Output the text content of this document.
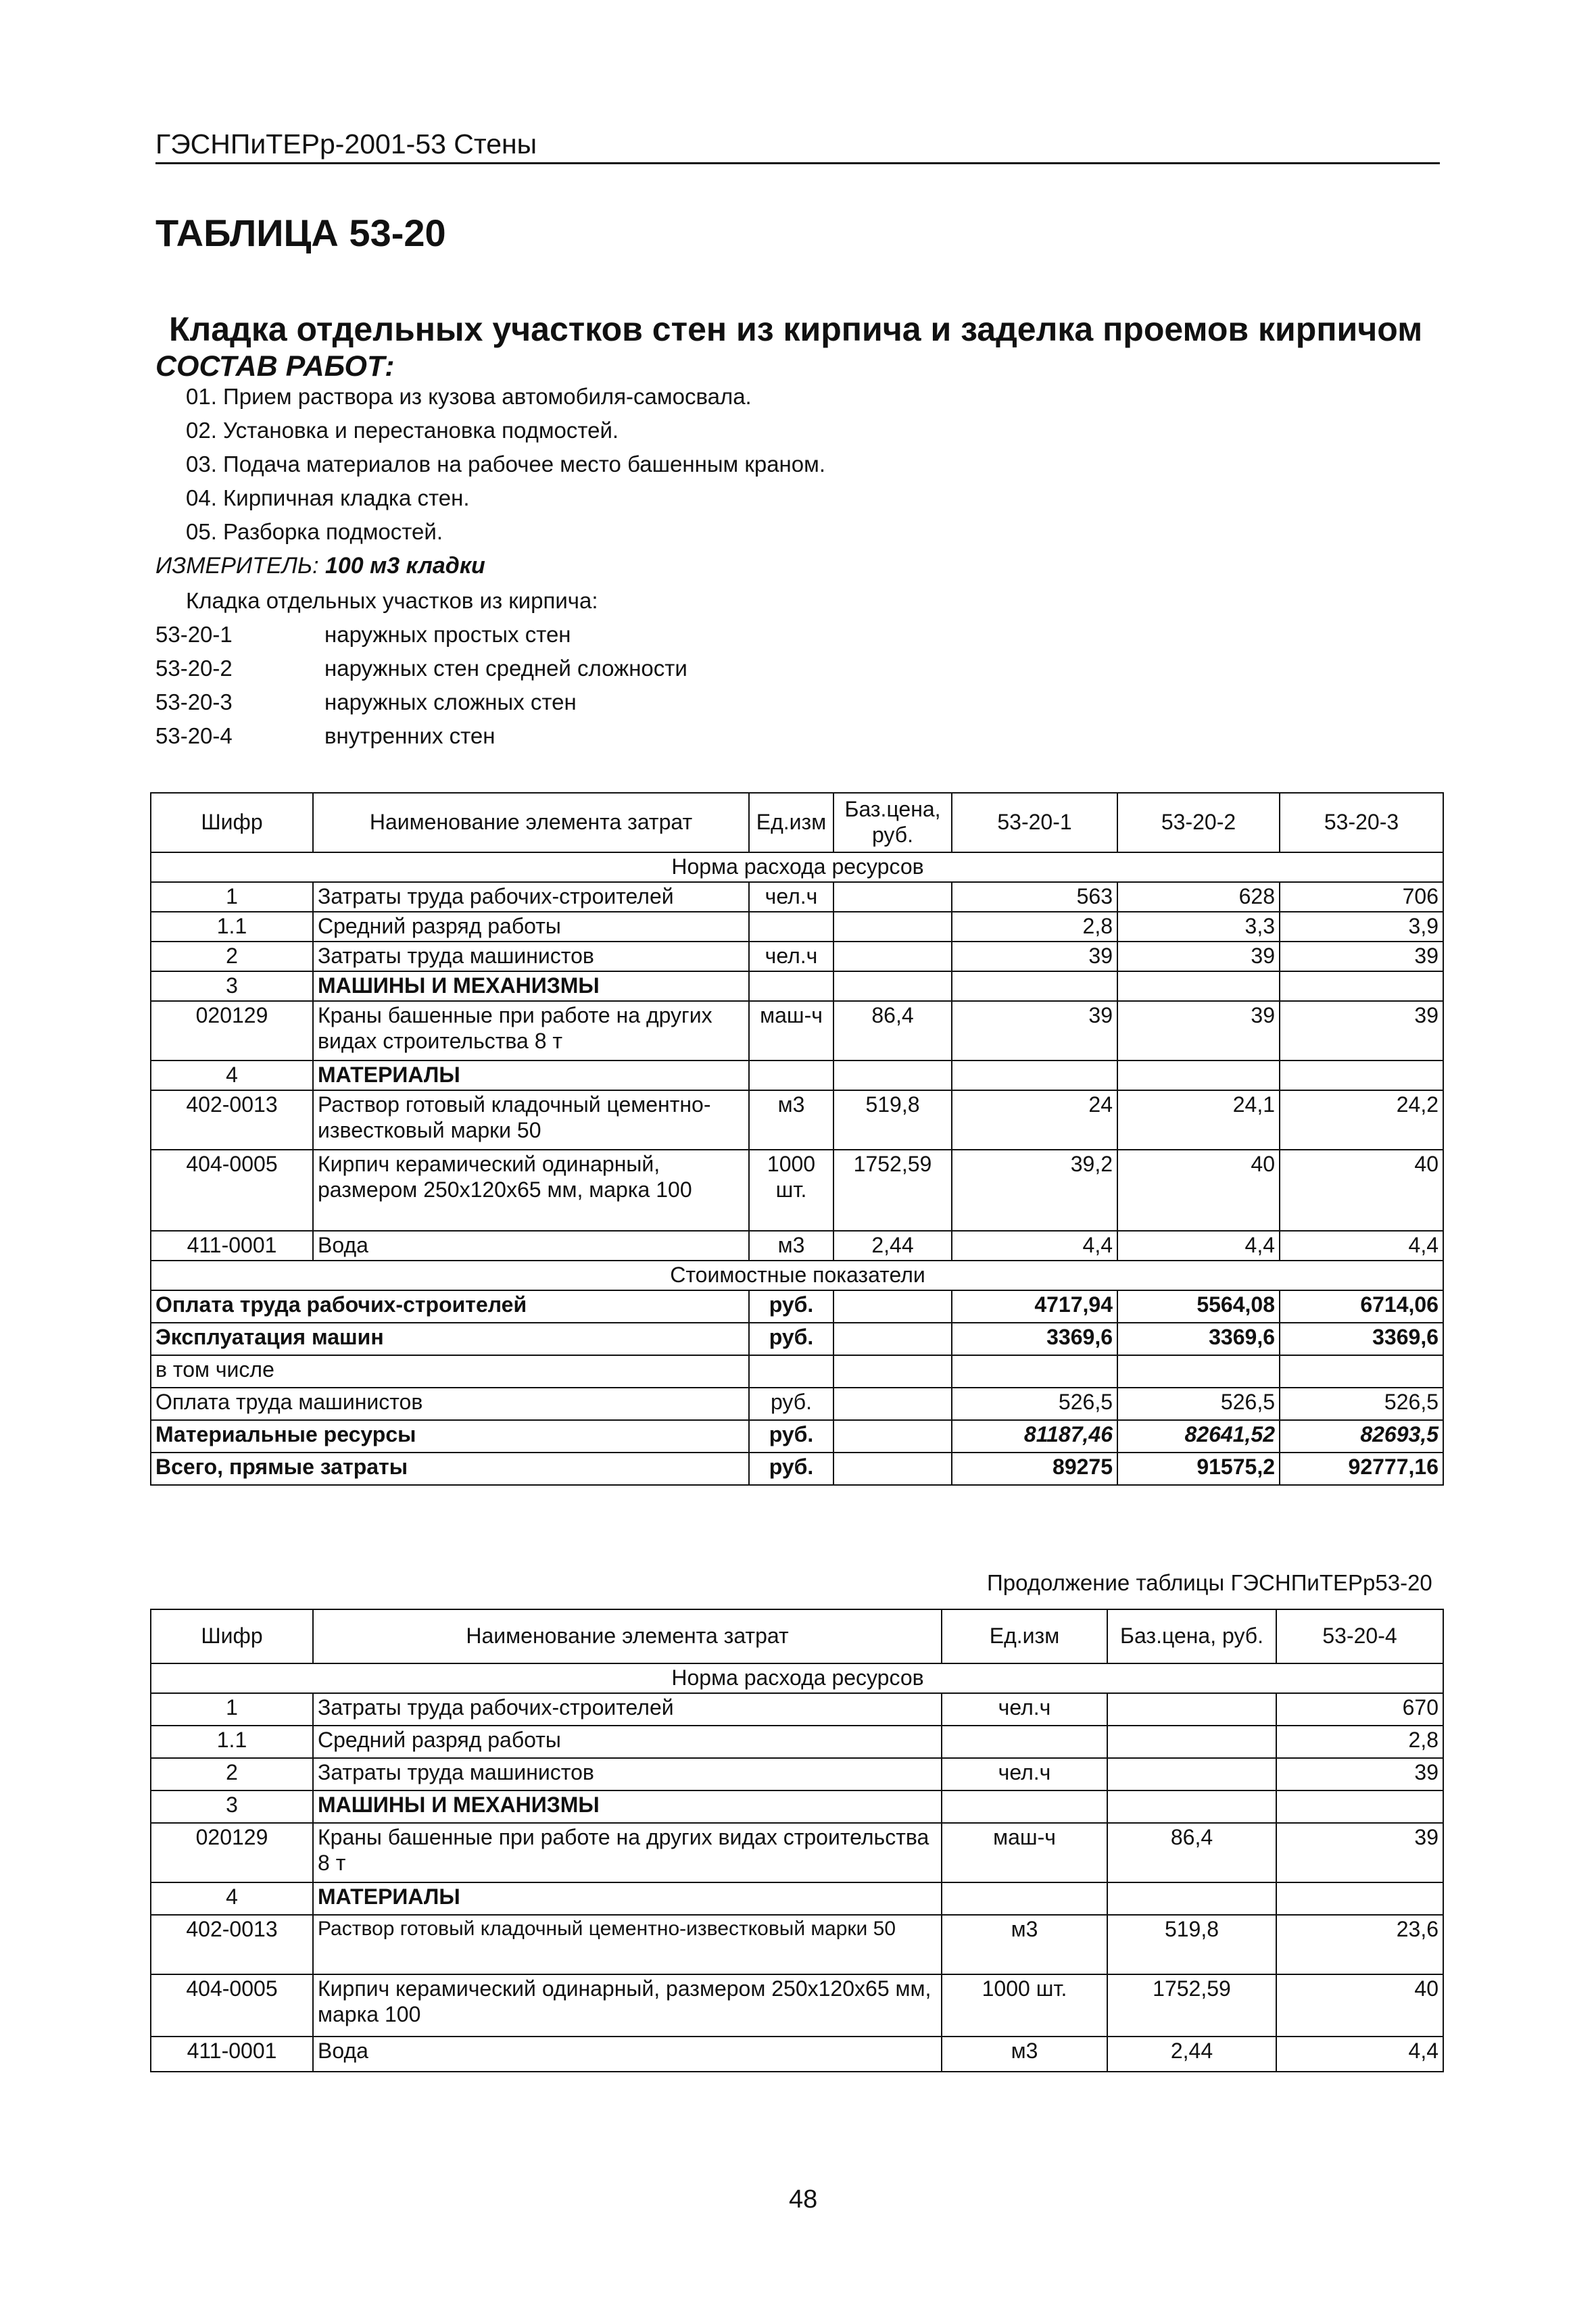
ГЭСНПиТЕРр-2001-53 Стены
ТАБЛИЦА 53-20
Кладка отдельных участков стен из кирпича и заделка проемов кирпичом
СОСТАВ РАБОТ:
01. Прием раствора из кузова автомобиля-самосвала.
02. Установка и перестановка подмостей.
03. Подача материалов на рабочее место башенным краном.
04. Кирпичная кладка стен.
05. Разборка подмостей.
ИЗМЕРИТЕЛЬ: 100 м3 кладки
Кладка отдельных участков из кирпича:
53-20-1	наружных простых стен
53-20-2	наружных стен средней сложности
53-20-3	наружных сложных стен
53-20-4	внутренних стен
Шифр	Наименование элемента затрат	Ед.изм	Баз.цена, руб.	53-20-1	53-20-2	53-20-3
Норма расхода ресурсов						
1	Затраты труда рабочих-строителей	чел.ч		563	628	706
1.1	Средний разряд работы			2,8	3,3	3,9
2	Затраты труда машинистов	чел.ч		39	39	39
3	МАШИНЫ И МЕХАНИЗМЫ					
020129	Краны башенные при работе на других видах строительства 8 т	маш-ч	86,4	39	39	39
4	МАТЕРИАЛЫ					
402-0013	Раствор готовый кладочный цементно-известковый марки 50	м3	519,8	24	24,1	24,2
404-0005	Кирпич керамический одинарный, размером 250х120х65 мм, марка 100	1000 шт.	1752,59	39,2	40	40
411-0001	Вода	м3	2,44	4,4	4,4	4,4
Стоимостные показатели						
Оплата труда рабочих-строителей		руб.		4717,94	5564,08	6714,06
Эксплуатация машин		руб.		3369,6	3369,6	3369,6
в том числе						
Оплата труда машинистов		руб.		526,5	526,5	526,5
Материальные ресурсы		руб.		81187,46	82641,52	82693,5
Всего, прямые затраты		руб.		89275	91575,2	92777,16
Продолжение таблицы ГЭСНПиТЕРр53-20
Шифр	Наименование элемента затрат	Ед.изм	Баз.цена, руб.	53-20-4
Норма расхода ресурсов				
1	Затраты труда рабочих-строителей	чел.ч		670
1.1	Средний разряд работы			2,8
2	Затраты труда машинистов	чел.ч		39
3	МАШИНЫ И МЕХАНИЗМЫ			
020129	Краны башенные при работе на других видах строительства 8 т	маш-ч	86,4	39
4	МАТЕРИАЛЫ			
402-0013	Раствор готовый кладочный цементно-известковый марки 50	м3	519,8	23,6
404-0005	Кирпич керамический одинарный, размером 250х120х65 мм, марка 100	1000 шт.	1752,59	40
411-0001	Вода	м3	2,44	4,4
48
